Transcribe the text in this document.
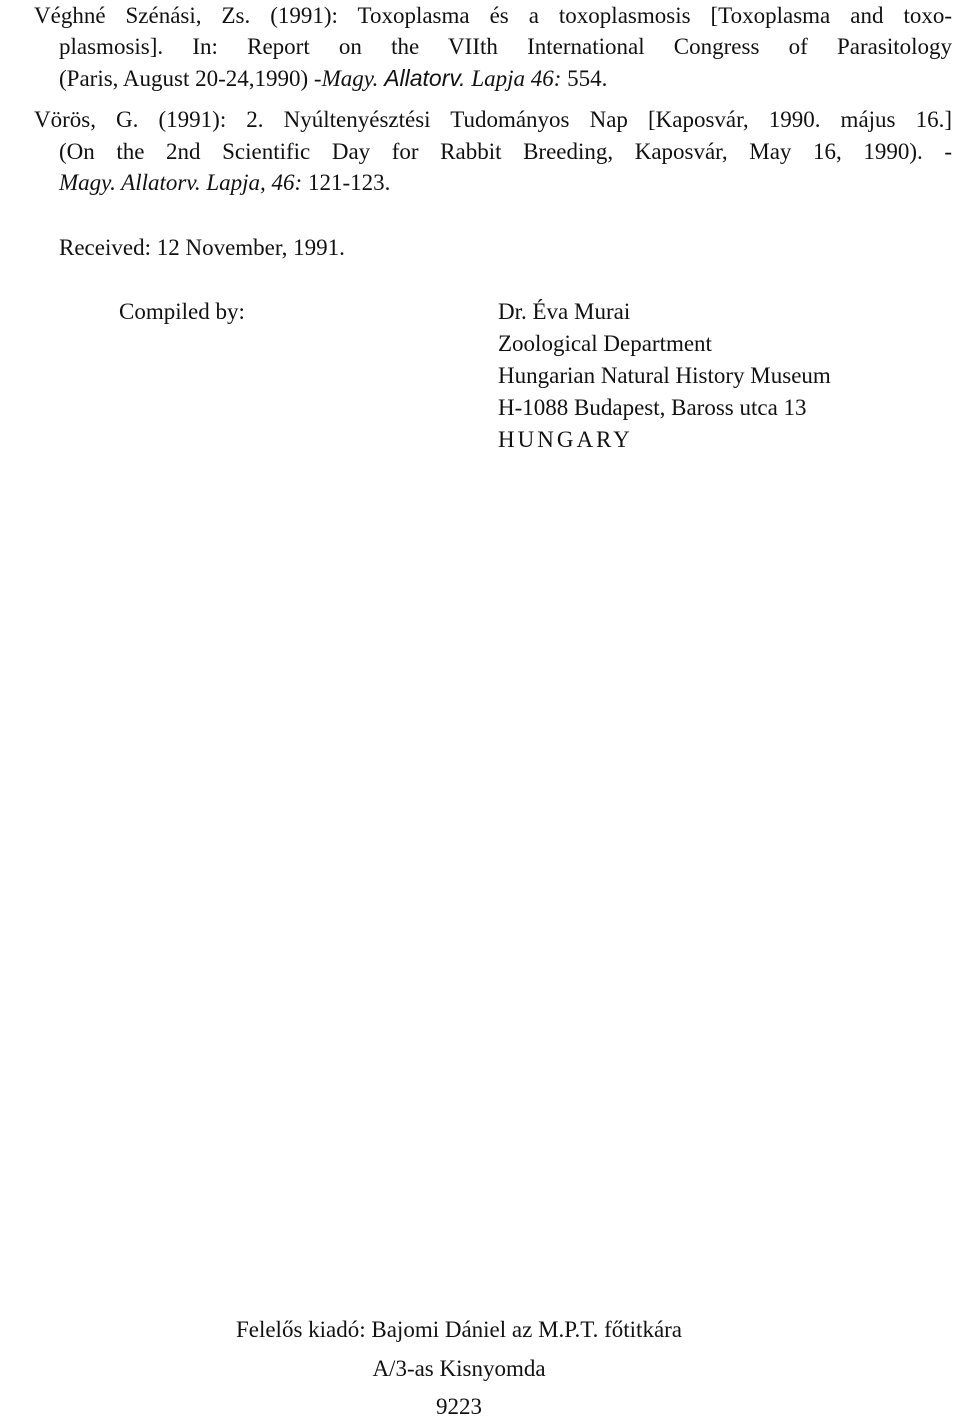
Véghné Szénási, Zs. (1991): Toxoplasma és a toxoplasmosis [Toxoplasma and toxo-
plasmosis]. In: Report on the VIIth International Congress of Parasitology
(Paris, August 20-24,1990) -Magy. Allatorv. Lapja 46: 554.
Vörös, G. (1991): 2. Nyúltenyésztési Tudományos Nap [Kaposvár, 1990. május 16.]
(On the 2nd Scientific Day for Rabbit Breeding, Kaposvár, May 16, 1990). -
Magy. Allatorv. Lapja, 46: 121-123.
Received: 12 November, 1991.
Compiled by:	Dr. Éva Murai
Zoological Department
Hungarian Natural History Museum
H-1088 Budapest, Baross utca 13
HUNGARY
Felelős kiadó: Bajomi Dániel az M.P.T. főtitkára
A/3-as Kisnyomda
9223
